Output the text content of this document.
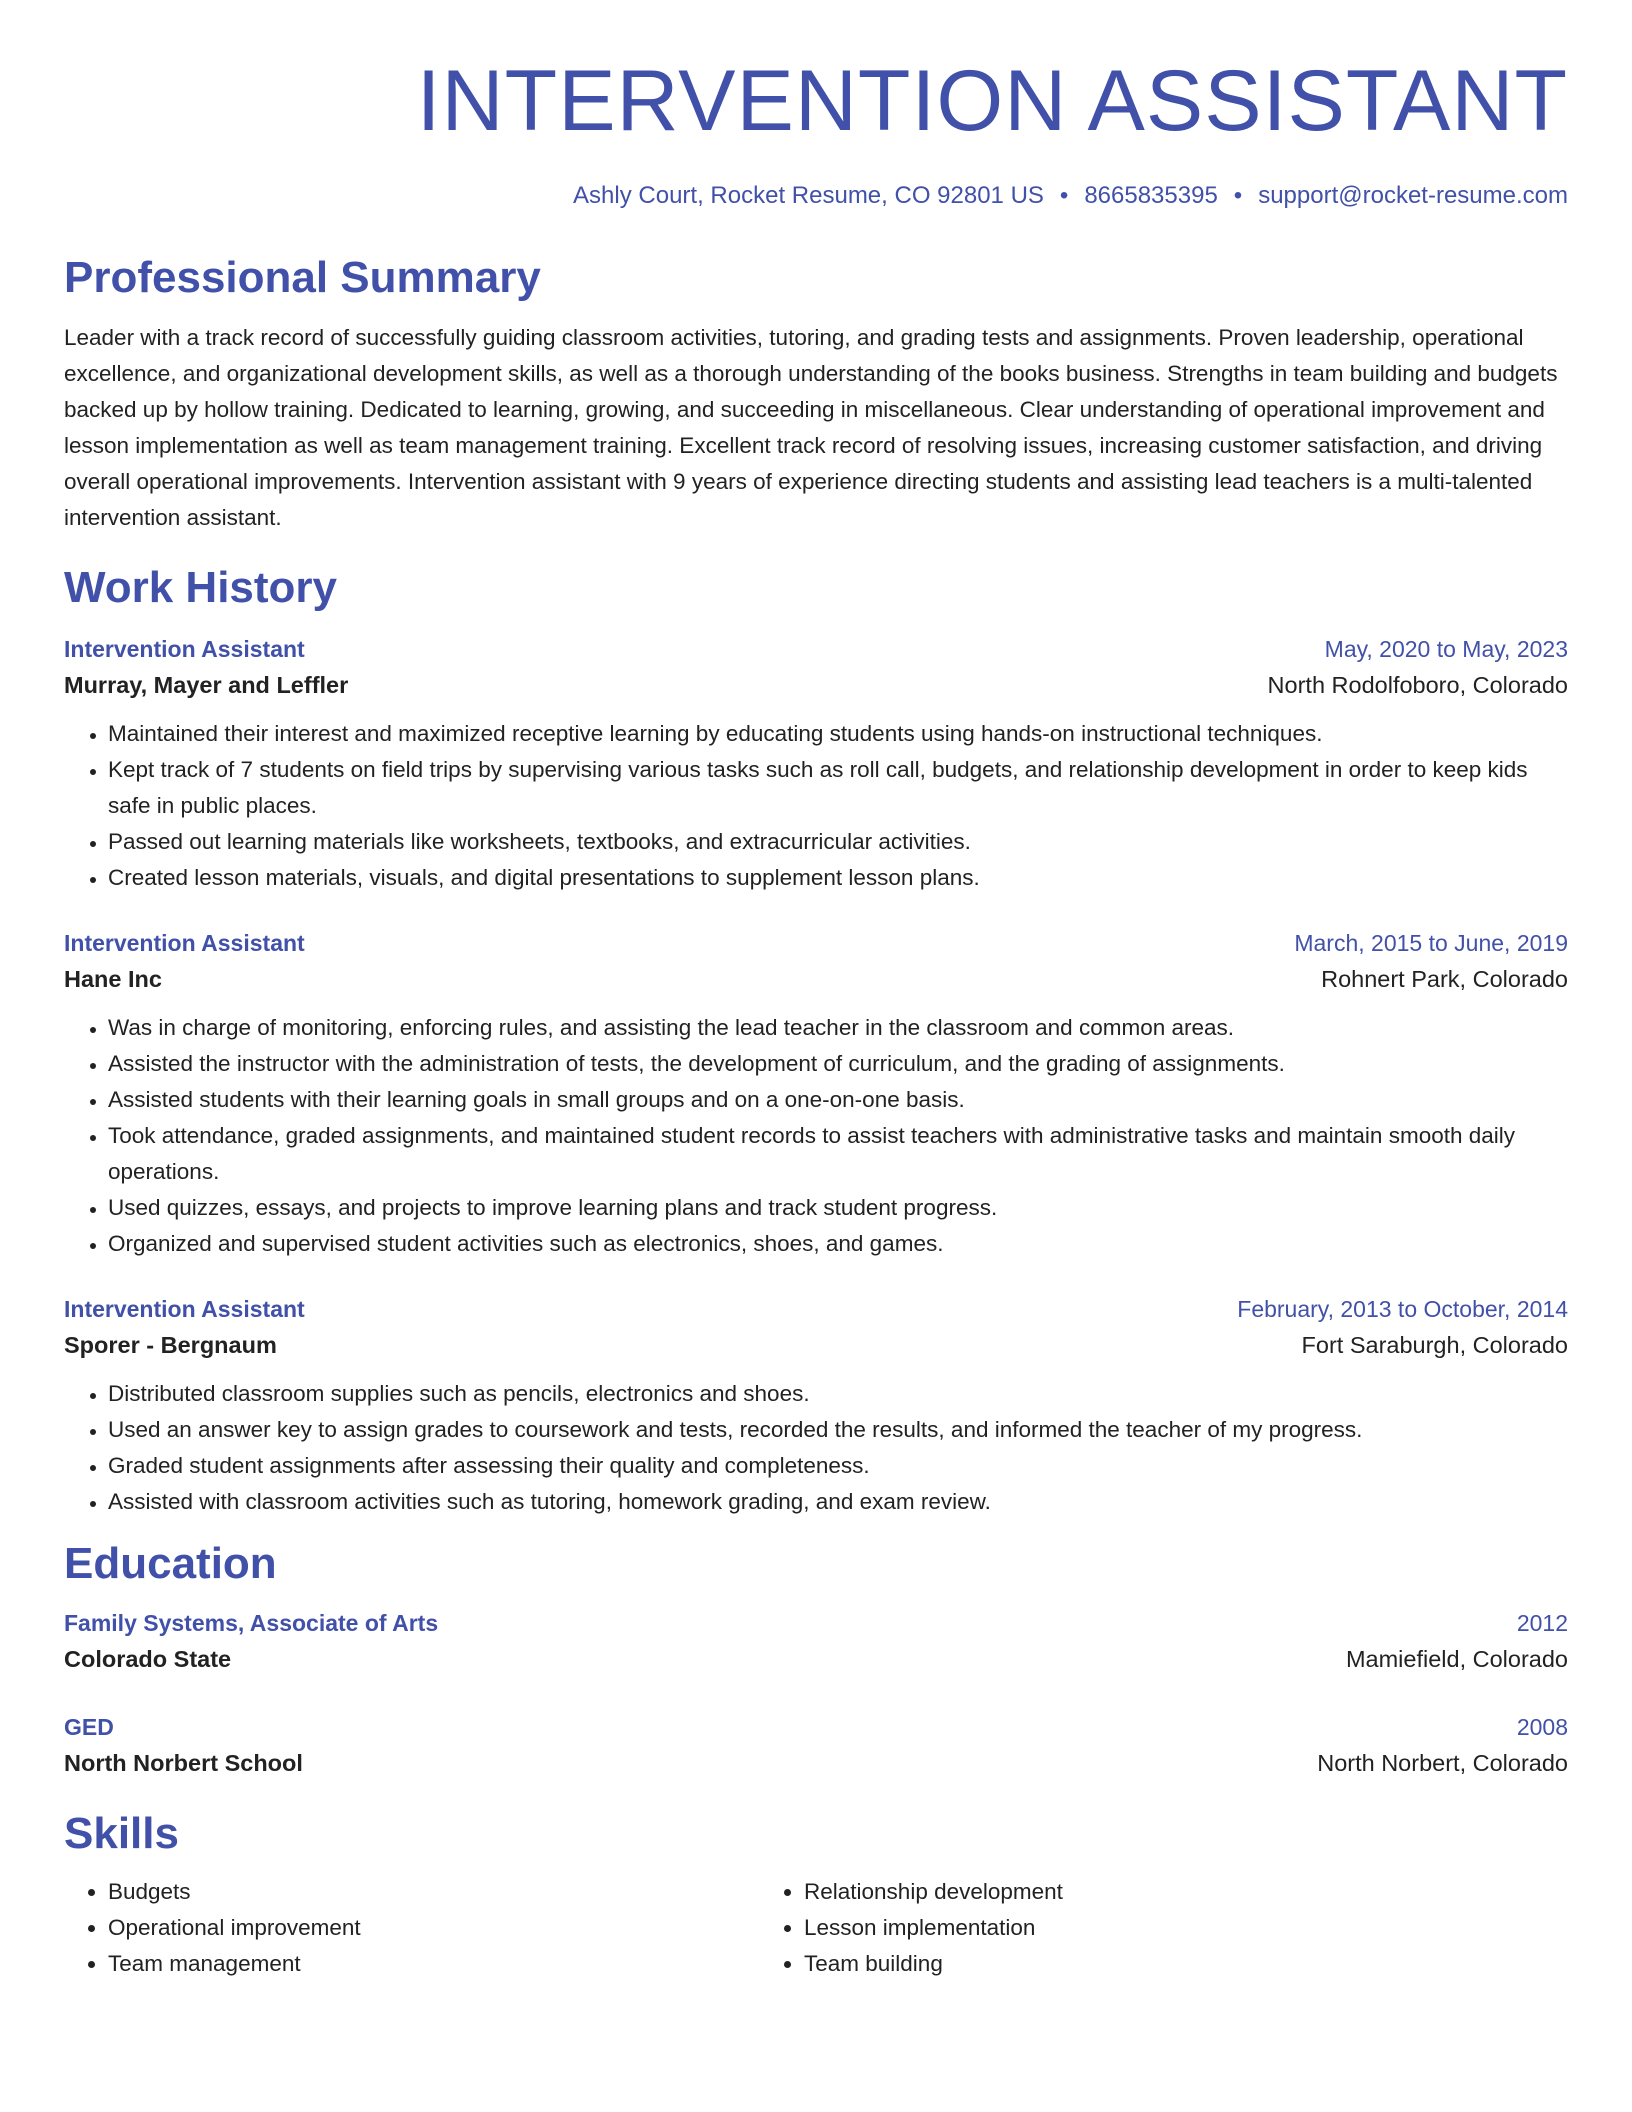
INTERVENTION ASSISTANT
Ashly Court, Rocket Resume, CO 92801 US • 8665835395 • support@rocket-resume.com
Professional Summary
Leader with a track record of successfully guiding classroom activities, tutoring, and grading tests and assignments. Proven leadership, operational excellence, and organizational development skills, as well as a thorough understanding of the books business. Strengths in team building and budgets backed up by hollow training. Dedicated to learning, growing, and succeeding in miscellaneous. Clear understanding of operational improvement and lesson implementation as well as team management training. Excellent track record of resolving issues, increasing customer satisfaction, and driving overall operational improvements. Intervention assistant with 9 years of experience directing students and assisting lead teachers is a multi-talented intervention assistant.
Work History
Intervention Assistant	May, 2020 to May, 2023
Murray, Mayer and Leffler	North Rodolfoboro, Colorado
• Maintained their interest and maximized receptive learning by educating students using hands-on instructional techniques.
• Kept track of 7 students on field trips by supervising various tasks such as roll call, budgets, and relationship development in order to keep kids safe in public places.
• Passed out learning materials like worksheets, textbooks, and extracurricular activities.
• Created lesson materials, visuals, and digital presentations to supplement lesson plans.
Intervention Assistant	March, 2015 to June, 2019
Hane Inc	Rohnert Park, Colorado
• Was in charge of monitoring, enforcing rules, and assisting the lead teacher in the classroom and common areas.
• Assisted the instructor with the administration of tests, the development of curriculum, and the grading of assignments.
• Assisted students with their learning goals in small groups and on a one-on-one basis.
• Took attendance, graded assignments, and maintained student records to assist teachers with administrative tasks and maintain smooth daily operations.
• Used quizzes, essays, and projects to improve learning plans and track student progress.
• Organized and supervised student activities such as electronics, shoes, and games.
Intervention Assistant	February, 2013 to October, 2014
Sporer - Bergnaum	Fort Saraburgh, Colorado
• Distributed classroom supplies such as pencils, electronics and shoes.
• Used an answer key to assign grades to coursework and tests, recorded the results, and informed the teacher of my progress.
• Graded student assignments after assessing their quality and completeness.
• Assisted with classroom activities such as tutoring, homework grading, and exam review.
Education
Family Systems, Associate of Arts	2012
Colorado State	Mamiefield, Colorado
GED	2008
North Norbert School	North Norbert, Colorado
Skills
• Budgets
• Operational improvement
• Team management
• Relationship development
• Lesson implementation
• Team building
